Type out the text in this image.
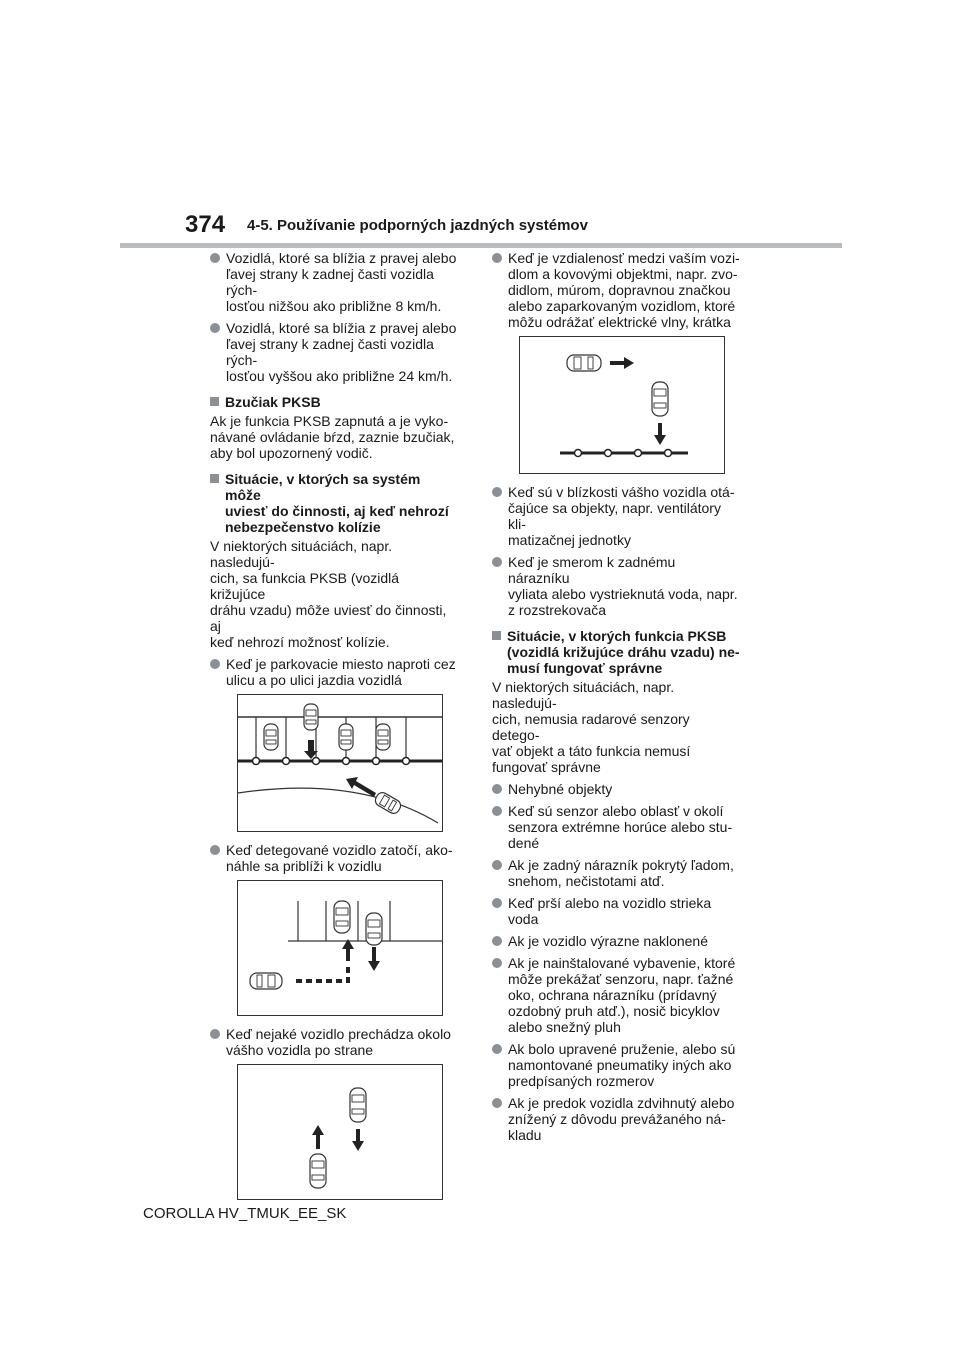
374 4-5. Používanie podporných jazdných systémov
Vozidlá, ktoré sa blížia z pravej alebo
ľavej strany k zadnej časti vozidla rých-
losťou nižšou ako približne 8 km/h.
Vozidlá, ktoré sa blížia z pravej alebo
ľavej strany k zadnej časti vozidla rých-
losťou vyššou ako približne 24 km/h.
Bzučiak PKSB
Ak je funkcia PKSB zapnutá a je vyko-
návané ovládanie bŕzd, zaznie bzučiak,
aby bol upozornený vodič.
Situácie, v ktorých sa systém môže
uviesť do činnosti, aj keď nehrozí
nebezpečenstvo kolízie
V niektorých situáciách, napr. nasledujú-
cich, sa funkcia PKSB (vozidlá križujúce
dráhu vzadu) môže uviesť do činnosti, aj
keď nehrozí možnosť kolízie.
Keď je parkovacie miesto naproti cez
ulicu a po ulici jazdia vozidlá
Keď detegované vozidlo zatočí, ako-
náhle sa priblíži k vozidlu
Keď nejaké vozidlo prechádza okolo
vášho vozidla po strane
Keď je vzdialenosť medzi vaším vozi-
dlom a kovovými objektmi, napr. zvo-
didlom, múrom, dopravnou značkou
alebo zaparkovaným vozidlom, ktoré
môžu odrážať elektrické vlny, krátka
Keď sú v blízkosti vášho vozidla otá-
čajúce sa objekty, napr. ventilátory kli-
matizačnej jednotky
Keď je smerom k zadnému nárazníku
vyliata alebo vystrieknutá voda, napr.
z rozstrekovača
Situácie, v ktorých funkcia PKSB
(vozidlá križujúce dráhu vzadu) ne-
musí fungovať správne
V niektorých situáciách, napr. nasledujú-
cich, nemusia radarové senzory detego-
vať objekt a táto funkcia nemusí
fungovať správne
Nehybné objekty
Keď sú senzor alebo oblasť v okolí
senzora extrémne horúce alebo stu-
dené
Ak je zadný nárazník pokrytý ľadom,
snehom, nečistotami atď.
Keď prší alebo na vozidlo strieka voda
Ak je vozidlo výrazne naklonené
Ak je nainštalované vybavenie, ktoré
môže prekážať senzoru, napr. ťažné
oko, ochrana nárazníku (prídavný
ozdobný pruh atď.), nosič bicyklov
alebo snežný pluh
Ak bolo upravené pruženie, alebo sú
namontované pneumatiky iných ako
predpísaných rozmerov
Ak je predok vozidla zdvihnutý alebo
znížený z dôvodu prevážaného ná-
kladu
COROLLA HV_TMUK_EE_SK
